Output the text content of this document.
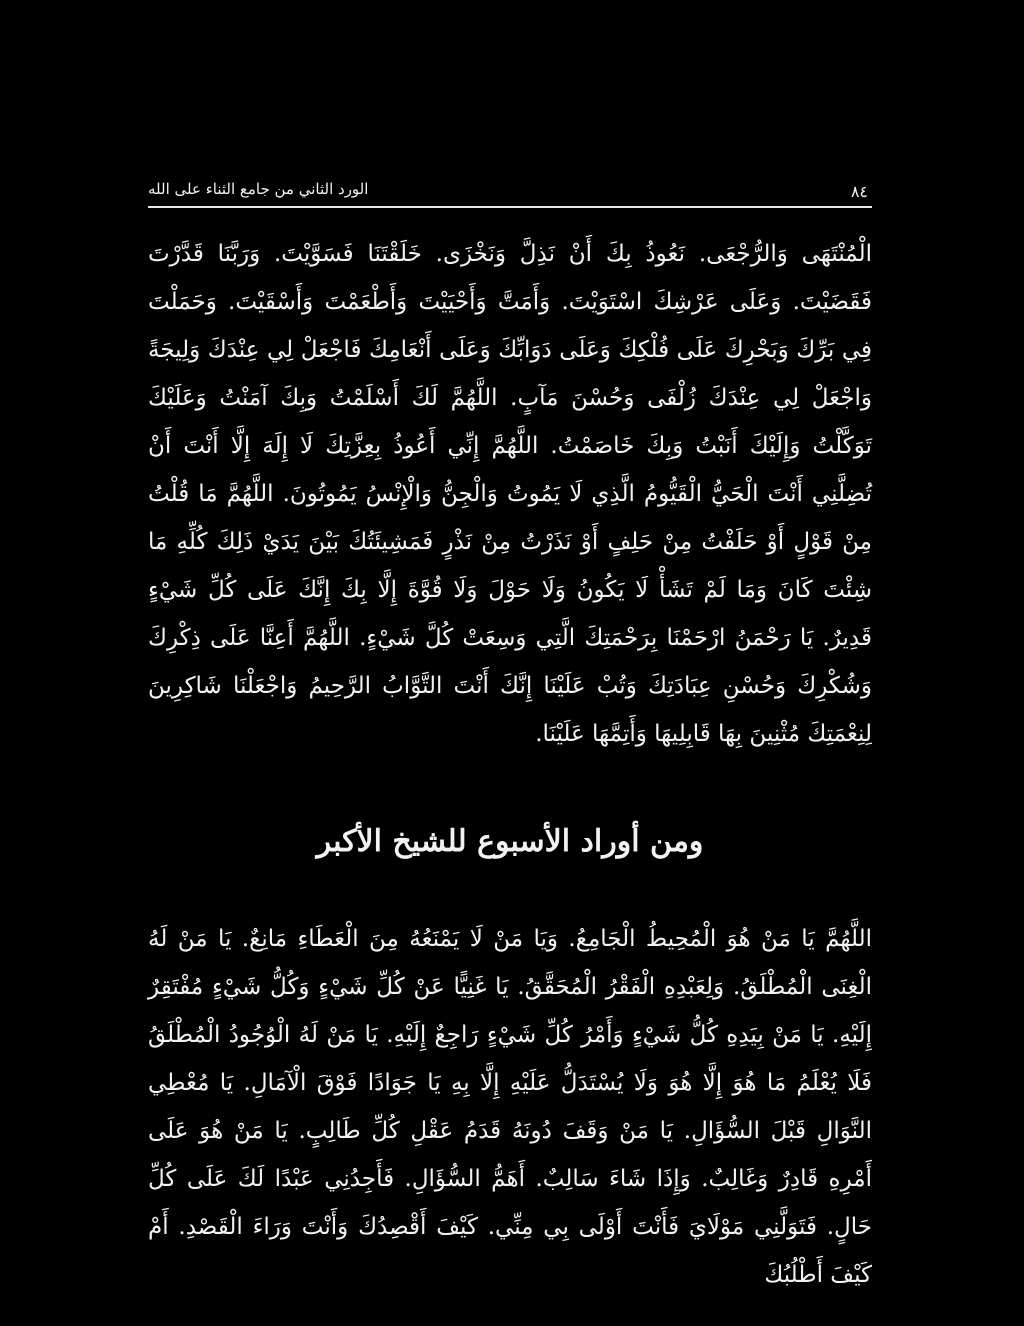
الورد الثاني من جامع الثناء على الله	٨٤

الْمُنْتَهَى وَالرُّجْعَى. نَعُوذُ بِكَ أَنْ نَذِلَّ وَنَخْزَى. خَلَقْتَنَا فَسَوَّيْتَ. وَرَبَّنَا قَدَّرْتَ فَقَضَيْتَ. وَعَلَى عَرْشِكَ اسْتَوَيْتَ. وَأَمَتَّ وَأَحْيَيْتَ وَأَطْعَمْتَ وَأَسْقَيْتَ. وَحَمَلْتَ فِي بَرِّكَ وَبَحْرِكَ عَلَى فُلْكِكَ وَعَلَى دَوَابِّكَ وَعَلَى أَنْعَامِكَ فَاجْعَلْ لِي عِنْدَكَ وَلِيجَةً وَاجْعَلْ لِي عِنْدَكَ زُلْفَى وَحُسْنَ مَآبٍ. اللَّهُمَّ لَكَ أَسْلَمْتُ وَبِكَ آمَنْتُ وَعَلَيْكَ تَوَكَّلْتُ وَإِلَيْكَ أَنَبْتُ وَبِكَ خَاصَمْتُ. اللَّهُمَّ إِنِّي أَعُوذُ بِعِزَّتِكَ لَا إِلَهَ إِلَّا أَنْتَ أَنْ تُضِلَّنِي أَنْتَ الْحَيُّ الْقَيُّومُ الَّذِي لَا يَمُوتُ وَالْجِنُّ وَالْإِنْسُ يَمُوتُونَ. اللَّهُمَّ مَا قُلْتُ مِنْ قَوْلٍ أَوْ حَلَفْتُ مِنْ حَلِفٍ أَوْ نَذَرْتُ مِنْ نَذْرٍ فَمَشِيئَتُكَ بَيْنَ يَدَيْ ذَلِكَ كُلِّهِ مَا شِئْتَ كَانَ وَمَا لَمْ تَشَأْ لَا يَكُونُ وَلَا حَوْلَ وَلَا قُوَّةَ إِلَّا بِكَ إِنَّكَ عَلَى كُلِّ شَيْءٍ قَدِيرٌ. يَا رَحْمَنُ ارْحَمْنَا بِرَحْمَتِكَ الَّتِي وَسِعَتْ كُلَّ شَيْءٍ. اللَّهُمَّ أَعِنَّا عَلَى ذِكْرِكَ وَشُكْرِكَ وَحُسْنِ عِبَادَتِكَ وَتُبْ عَلَيْنَا إِنَّكَ أَنْتَ التَّوَّابُ الرَّحِيمُ وَاجْعَلْنَا شَاكِرِينَ لِنِعْمَتِكَ مُثْنِينَ بِهَا قَابِلِيهَا وَأَتِمَّهَا عَلَيْنَا.

ومن أوراد الأسبوع للشيخ الأكبر

اللَّهُمَّ يَا مَنْ هُوَ الْمُحِيطُ الْجَامِعُ. وَيَا مَنْ لَا يَمْنَعُهُ مِنَ الْعَطَاءِ مَانِعٌ. يَا مَنْ لَهُ الْغِنَى الْمُطْلَقُ. وَلِعَبْدِهِ الْفَقْرُ الْمُحَقَّقُ. يَا غَنِيًّا عَنْ كُلِّ شَيْءٍ وَكُلُّ شَيْءٍ مُفْتَقِرٌ إِلَيْهِ. يَا مَنْ بِيَدِهِ كُلُّ شَيْءٍ وَأَمْرُ كُلِّ شَيْءٍ رَاجِعٌ إِلَيْهِ. يَا مَنْ لَهُ الْوُجُودُ الْمُطْلَقُ فَلَا يُعْلَمُ مَا هُوَ إِلَّا هُوَ وَلَا يُسْتَدَلُّ عَلَيْهِ إِلَّا بِهِ يَا جَوَادًا فَوْقَ الْآمَالِ. يَا مُعْطِي النَّوَالِ قَبْلَ السُّؤَالِ. يَا مَنْ وَقَفَ دُونَهُ قَدَمُ عَقْلِ كُلِّ طَالِبٍ. يَا مَنْ هُوَ عَلَى أَمْرِهِ قَادِرٌ وَغَالِبٌ. وَإِذَا شَاءَ سَالِبٌ. أَهَمُّ السُّؤَالِ. فَأَجِدُنِي عَبْدًا لَكَ عَلَى كُلِّ حَالٍ. فَتَوَلَّنِي مَوْلَايَ فَأَنْتَ أَوْلَى بِي مِنِّي. كَيْفَ أَقْصِدُكَ وَأَنْتَ وَرَاءَ الْقَصْدِ. أَمْ كَيْفَ أَطْلُبُكَ
